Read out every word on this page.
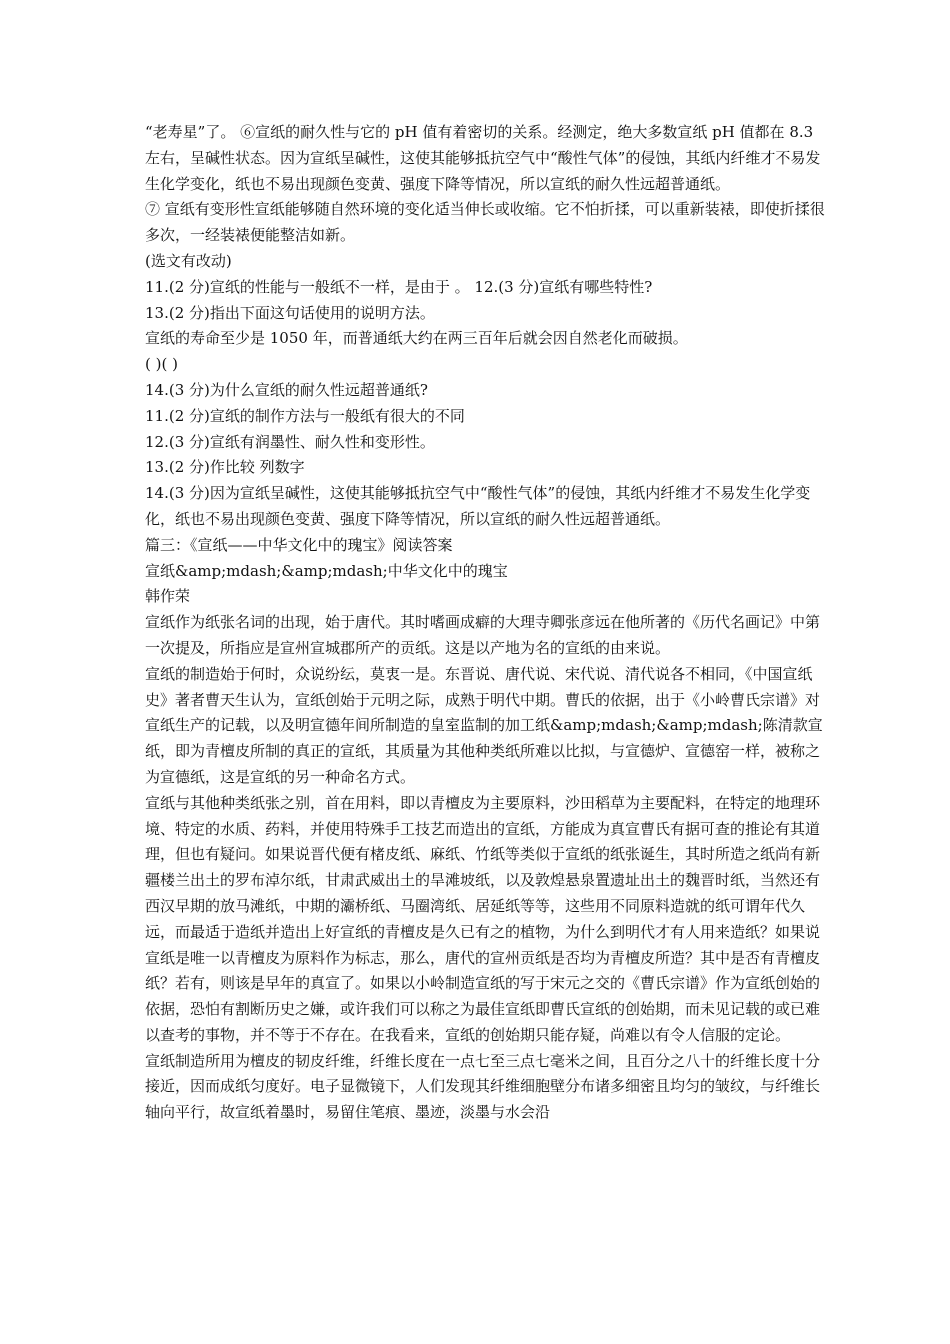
“老寿星”了。 ⑥宣纸的耐久性与它的 pH 值有着密切的关系。经测定，绝大多数宣纸 pH 值都在 8.3 左右，呈碱性状态。因为宣纸呈碱性，这使其能够抵抗空气中“酸性气体”的侵蚀，其纸内纤维才不易发生化学变化，纸也不易出现颜色变黄、强度下降等情况，所以宣纸的耐久性远超普通纸。

⑦ 宣纸有变形性宣纸能够随自然环境的变化适当伸长或收缩。它不怕折揉，可以重新装裱，即使折揉很多次，一经装裱便能整洁如新。

(选文有改动)

11.(2 分)宣纸的性能与一般纸不一样，是由于 。 12.(3 分)宣纸有哪些特性?

13.(2 分)指出下面这句话使用的说明方法。

宣纸的寿命至少是 1050 年，而普通纸大约在两三百年后就会因自然老化而破损。

( )( )

14.(3 分)为什么宣纸的耐久性远超普通纸?

11.(2 分)宣纸的制作方法与一般纸有很大的不同

12.(3 分)宣纸有润墨性、耐久性和变形性。

13.(2 分)作比较 列数字

14.(3 分)因为宣纸呈碱性，这使其能够抵抗空气中“酸性气体”的侵蚀，其纸内纤维才不易发生化学变化，纸也不易出现颜色变黄、强度下降等情况，所以宣纸的耐久性远超普通纸。

篇三：《宣纸——中华文化中的瑰宝》阅读答案

宣纸&amp;mdash;&amp;mdash;中华文化中的瑰宝

韩作荣

宣纸作为纸张名词的出现，始于唐代。其时嗜画成癖的大理寺卿张彦远在他所著的《历代名画记》中第一次提及，所指应是宣州宣城郡所产的贡纸。这是以产地为名的宣纸的由来说。

宣纸的制造始于何时，众说纷纭，莫衷一是。东晋说、唐代说、宋代说、清代说各不相同，《中国宣纸史》著者曹天生认为，宣纸创始于元明之际，成熟于明代中期。曹氏的依据，出于《小岭曹氏宗谱》对宣纸生产的记载，以及明宣德年间所制造的皇室监制的加工纸&amp;mdash;&amp;mdash;陈清款宣纸，即为青檀皮所制的真正的宣纸，其质量为其他种类纸所难以比拟，与宣德炉、宣德窑一样，被称之为宣德纸，这是宣纸的另一种命名方式。

宣纸与其他种类纸张之别，首在用料，即以青檀皮为主要原料，沙田稻草为主要配料，在特定的地理环境、特定的水质、药料，并使用特殊手工技艺而造出的宣纸，方能成为真宣曹氏有据可查的推论有其道理，但也有疑问。如果说晋代便有楮皮纸、麻纸、竹纸等类似于宣纸的纸张诞生，其时所造之纸尚有新疆楼兰出土的罗布淖尔纸，甘肃武威出土的旱滩坡纸，以及敦煌悬泉置遗址出土的魏晋时纸，当然还有西汉早期的放马滩纸，中期的灞桥纸、马圈湾纸、居延纸等等，这些用不同原料造就的纸可谓年代久远，而最适于造纸并造出上好宣纸的青檀皮是久已有之的植物，为什么到明代才有人用来造纸？如果说宣纸是唯一以青檀皮为原料作为标志，那么，唐代的宣州贡纸是否均为青檀皮所造？其中是否有青檀皮纸？若有，则该是早年的真宣了。如果以小岭制造宣纸的写于宋元之交的《曹氏宗谱》作为宣纸创始的依据，恐怕有割断历史之嫌，或许我们可以称之为最佳宣纸即曹氏宣纸的创始期，而未见记载的或已难以查考的事物，并不等于不存在。在我看来，宣纸的创始期只能存疑，尚难以有令人信服的定论。

宣纸制造所用为檀皮的韧皮纤维，纤维长度在一点七至三点七毫米之间，且百分之八十的纤维长度十分接近，因而成纸匀度好。电子显微镜下，人们发现其纤维细胞壁分布诸多细密且均匀的皱纹，与纤维长轴向平行，故宣纸着墨时，易留住笔痕、墨迹，淡墨与水会沿
